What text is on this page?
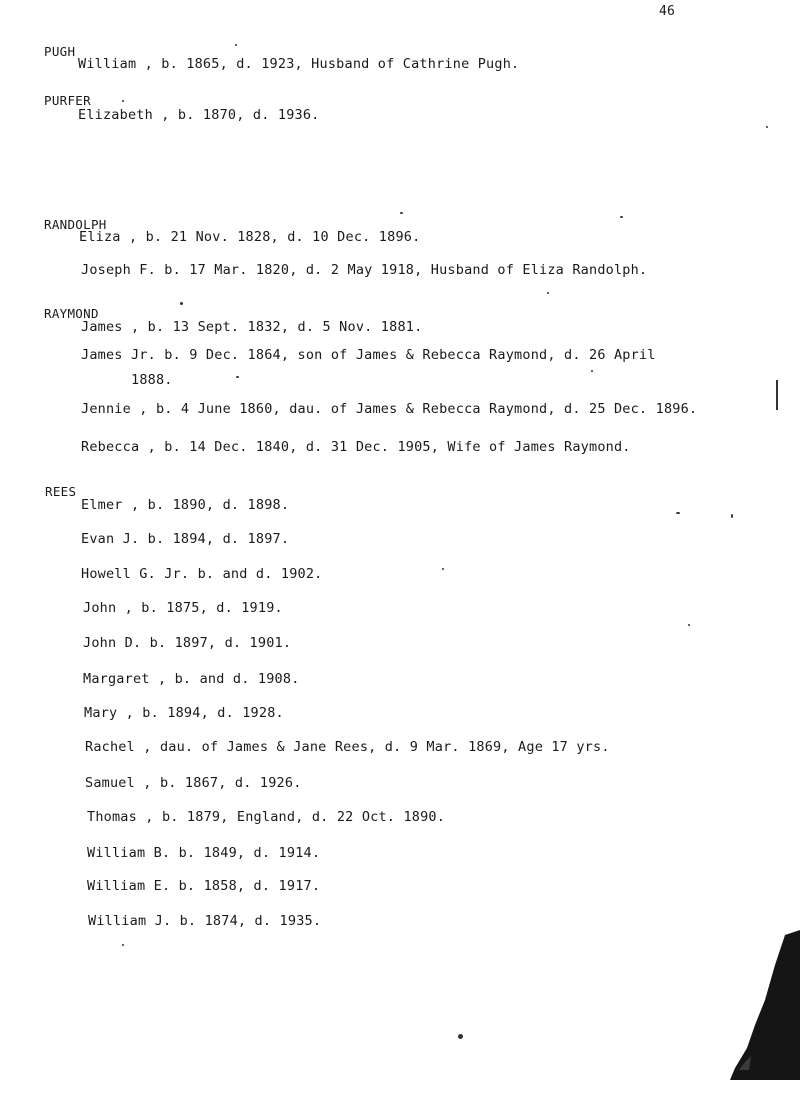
46
PUGH
William , b. 1865, d. 1923, Husband of Cathrine Pugh.
PURFER
Elizabeth , b. 1870, d. 1936.
RANDOLPH
Eliza , b. 21 Nov. 1828, d. 10 Dec. 1896.
Joseph F. b. 17 Mar. 1820, d. 2 May 1918, Husband of Eliza Randolph.
RAYMOND
James , b. 13 Sept. 1832, d. 5 Nov. 1881.
James Jr. b. 9 Dec. 1864, son of James & Rebecca Raymond, d. 26 April
1888.
Jennie , b. 4 June 1860, dau. of James & Rebecca Raymond, d. 25 Dec. 1896.
Rebecca , b. 14 Dec. 1840, d. 31 Dec. 1905, Wife of James Raymond.
REES
Elmer , b. 1890, d. 1898.
Evan J. b. 1894, d. 1897.
Howell G. Jr. b. and d. 1902.
John , b. 1875, d. 1919.
John D. b. 1897, d. 1901.
Margaret , b. and d. 1908.
Mary , b. 1894, d. 1928.
Rachel , dau. of James & Jane Rees, d. 9 Mar. 1869, Age 17 yrs.
Samuel , b. 1867, d. 1926.
Thomas , b. 1879, England, d. 22 Oct. 1890.
William B. b. 1849, d. 1914.
William E. b. 1858, d. 1917.
William J. b. 1874, d. 1935.
